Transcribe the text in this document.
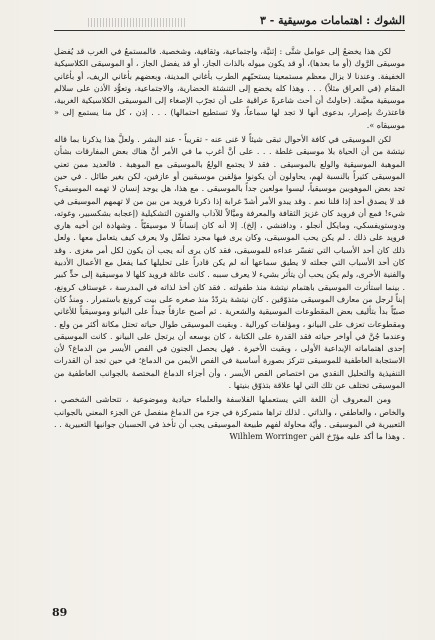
الشوك : اهتمامات موسيقية - ٣

لكن هذا يخضعُ إلى عوامل شتَّى : إثنيَّة، واجتماعية، وثقافية، وشخصية. فالمستمعُ في الغرب قد يُفضل موسيقى الرَّوك (أو ما بعدها)، أو قد يكون ميوله بالذات الجاز، أو قد يفضل الجاز ، أو الموسيقى الكلاسيكية الخفيفة. وعندنا لا يزال معظم مستمعينا يستحبّهم الطرب بأغاني المدينة، وبعضهم بأغاني الريف، أو بأغاني المقام (في العراق مثلاً) . . . وهذا كله يخضع إلى التنشئة الحضارية، والاجتماعية، وتعوُّد الأذن على سلالم موسيقية معيَّنة. (حاولتُ أن أحث شاعرةً عراقية على أن تجرّب الإصغاء إلى الموسيقى الكلاسيكية الغربية، فاعتذرتْ بإصرار، بدعوى أنها لا تجد لها سماعاً، ولا تستطيع احتمالها) . . . إذن ، كل منا يستمع إلى « موسيقاه ».

لكن الموسيقى في كافة الأحوال تبقى شيئاً لا غنى عنه - تقريباً - عند البشر . ولعلَّ هذا يذكرنا بما قاله نيتشة من أن الحياة بلا موسيقى غلطة . . . على أنَّ أغرب ما في الأمر أنَّ هناك بعض المفارقات بشأن الموهبة الموسيقية والولع بالموسيقى . فقد لا يجتمع الولعُ بالموسيقى مع الموهبة . فالعديد ممن تعني الموسيقى كثيراً بالنسبة لهم، يحاولون أن يكونوا مؤلفين موسيقيين أو عازفين، لكن بغير طائل . في حين تجد بعض الموهوبين موسيقياً، ليسوا مولعين جداً بالموسيقى . مع هذا، هل يوجد إنسان لا تهمه الموسيقى؟ قد لا يصدق أحد إذا قلنا نعم . وقد يبدو الأمر أشدّ غرابة إذا ذكرنا فرويد من بين من لا تهمهم الموسيقى في شيء! فمع أن فرويد كان غزيرَ الثقافة والمعرفة وميَّالاً للآداب والفنون التشكيلية (إعجابه بشكسبير، وغوته، ودوستويفسكي، ومايكل أنجلو ، ودافنشي ، إلخ). إلا أنه كان إنساناً لا موسيقيّاً . وشهادة ابن أخيه هاري فرويد على ذلك . لم يكن يحب الموسيقى، وكان يرى فيها مجرد تطفّل ولا يعرف كيف يتعامل معها . ولعل ذلك كان أحد الأسباب التي تفسّر عداءه للموسيقى، فقد كان يرى أنه يجب أن يكون لكل أمر مغزى . وقد كان أحد الأسباب التي جعلته لا يطيق سماعها أنه لم يكن قادراً على تحليلها كما يفعل مع الأعمال الأدبية والفنية الأخرى، ولم يكن يحب أن يتأثر بشيء لا يعرف سببه . كانت عائلة فرويد كلها لا موسيقية إلى حدٍّ كبير . بينما استأثرت الموسيقى باهتمام نيتشة منذ طفولته . فقد كان أخذ لذاته في المدرسة ، غوستاف كرونغ، إبناً لرجل من معارف الموسيقى متذوّقين . كان نيتشة يتردّدُ منذ صغره على بيت كرونغ باستمرار . ومنذُ كان صبيّاً بدأ بتأليف بعض المقطوعات الموسيقية والشعرية . ثم أصبح عازفاً جيداً على البيانو وموسيقياً للأغاني ومقطوعات تعزف على البيانو ، ومؤلفات كورالية . وبقيت الموسيقى طوال حياته تحتل مكانة أكثر من ولع . وعندما جُنَّ في أواخر حياته فقد القدرة على الكتابة ، كان بوسعه أن يرتجل على البيانو . كانت الموسيقى إحدى اهتماماته الإبداعية الأولى ، وبقيت الأخيرة . فهل يحصل الجنون في الفص الأيسر من الدماغ؟ لأن الاستجابة العاطفية للموسيقى تتركز بصورة أساسية في الفص الأيمن من الدماغ؛ في حين تجد أن القدرات التنفيذية والتحليل النقدي من اختصاص الفص الأيسر ، وأن أجزاء الدماغ المختصة بالجوانب العاطفية من الموسيقى تختلف عن تلك التي لها علاقة بتذوّق بنيتها .

ومن المعروف أن اللغة التي يستعملها الفلاسفة والعلماء حيادية وموضوعية ، تتحاشى الشخصي ، والخاص ، والعاطفي ، والذاتي . لذلك تراها متمركزة في جزء من الدماغ منفصل عن الجزء المعني بالجوانب التعبيرية في الموسيقى . وأيّة محاولة لفهم طبيعة الموسيقى يجب أن تأخذ في الحسبان جوانبها التعبيرية . . . وهذا ما أكد عليه مؤرّخ الفن Wilhlem Worringer

89
